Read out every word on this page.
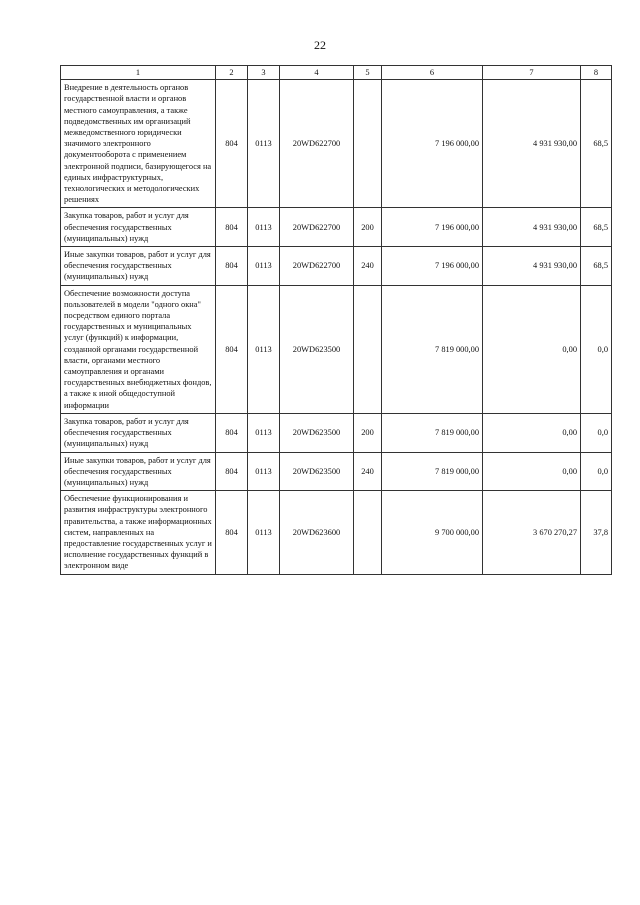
22
1	2	3	4	5	6	7	8
Внедрение в деятельность органов государственной власти и органов местного самоуправления, а также подведомственных им организаций межведомственного юридически значимого электронного документооборота с применением электронной подписи, базирующегося на единых инфраструктурных, технологических и методологических решениях	804	0113	20WD622700		7 196 000,00	4 931 930,00	68,5
Закупка товаров, работ и услуг для обеспечения государственных (муниципальных) нужд	804	0113	20WD622700	200	7 196 000,00	4 931 930,00	68,5
Иные закупки товаров, работ и услуг для обеспечения государственных (муниципальных) нужд	804	0113	20WD622700	240	7 196 000,00	4 931 930,00	68,5
Обеспечение возможности доступа пользователей в модели "одного окна" посредством единого портала государственных и муниципальных услуг (функций) к информации, созданной органами государственной власти, органами местного самоуправления и органами государственных внебюджетных фондов, а также к иной общедоступной информации	804	0113	20WD623500		7 819 000,00	0,00	0,0
Закупка товаров, работ и услуг для обеспечения государственных (муниципальных) нужд	804	0113	20WD623500	200	7 819 000,00	0,00	0,0
Иные закупки товаров, работ и услуг для обеспечения государственных (муниципальных) нужд	804	0113	20WD623500	240	7 819 000,00	0,00	0,0
Обеспечение функционирования и развития инфраструктуры электронного правительства, а также информационных систем, направленных на предоставление государственных услуг и исполнение государственных функций в электронном виде	804	0113	20WD623600		9 700 000,00	3 670 270,27	37,8
